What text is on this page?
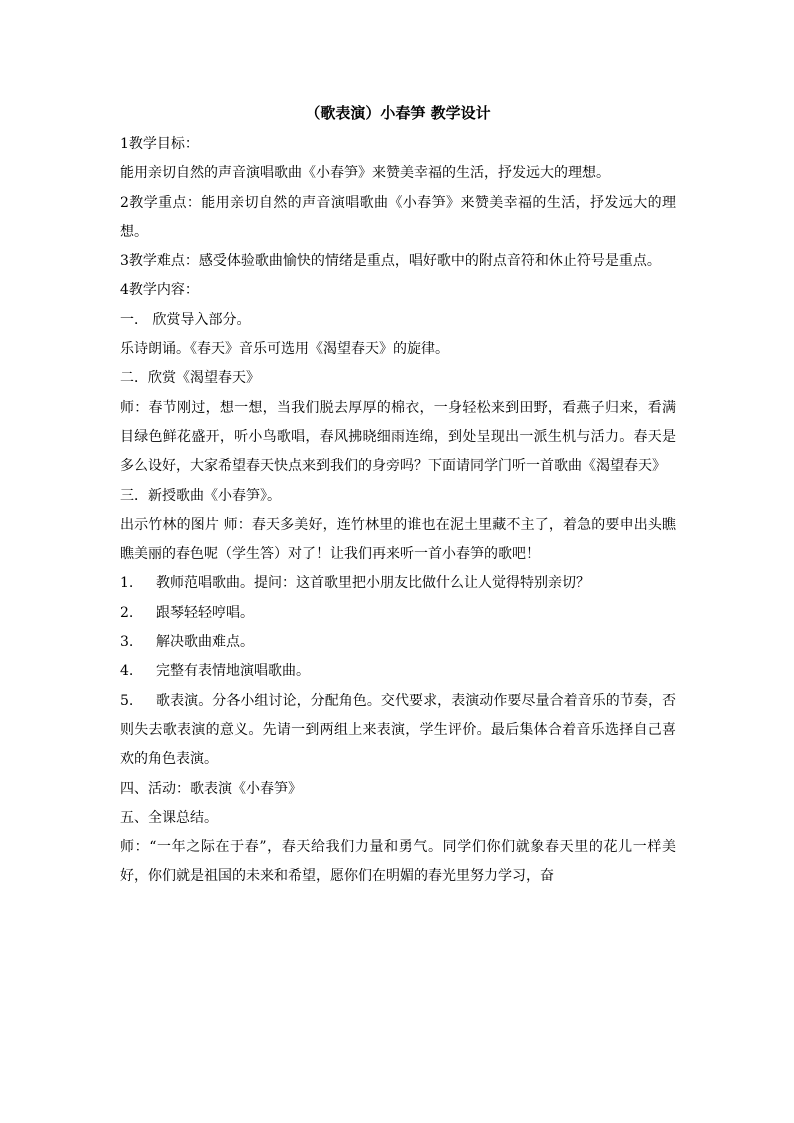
（歌表演）小春笋 教学设计

1教学目标：

能用亲切自然的声音演唱歌曲《小春笋》来赞美幸福的生活，抒发远大的理想。

2教学重点：能用亲切自然的声音演唱歌曲《小春笋》来赞美幸福的生活，抒发远大的理想。

3教学难点：感受体验歌曲愉快的情绪是重点，唱好歌中的附点音符和休止符号是重点。

4教学内容：

一． 欣赏导入部分。

乐诗朗诵。《春天》音乐可选用《渴望春天》的旋律。

二．欣赏《渴望春天》

师：春节刚过，想一想，当我们脱去厚厚的棉衣，一身轻松来到田野，看燕子归来，看满目绿色鲜花盛开，听小鸟歌唱，春风拂晓细雨连绵，到处呈现出一派生机与活力。春天是多么设好，大家希望春天快点来到我们的身旁吗？下面请同学门听一首歌曲《渴望春天》

三．新授歌曲《小春笋》。

出示竹林的图片 师：春天多美好，连竹林里的谁也在泥土里藏不主了，着急的要申出头瞧瞧美丽的春色呢（学生答）对了！让我们再来听一首小春笋的歌吧！

1. 教师范唱歌曲。提问：这首歌里把小朋友比做什么让人觉得特别亲切？

2. 跟琴轻轻哼唱。

3. 解决歌曲难点。

4. 完整有表情地演唱歌曲。

5. 歌表演。分各小组讨论，分配角色。交代要求，表演动作要尽量合着音乐的节奏，否则失去歌表演的意义。先请一到两组上来表演，学生评价。最后集体合着音乐选择自己喜欢的角色表演。

四、活动：歌表演《小春笋》

五、全课总结。

师：“一年之际在于春”，春天给我们力量和勇气。同学们你们就象春天里的花儿一样美好，你们就是祖国的未来和希望，愿你们在明媚的春光里努力学习，奋
